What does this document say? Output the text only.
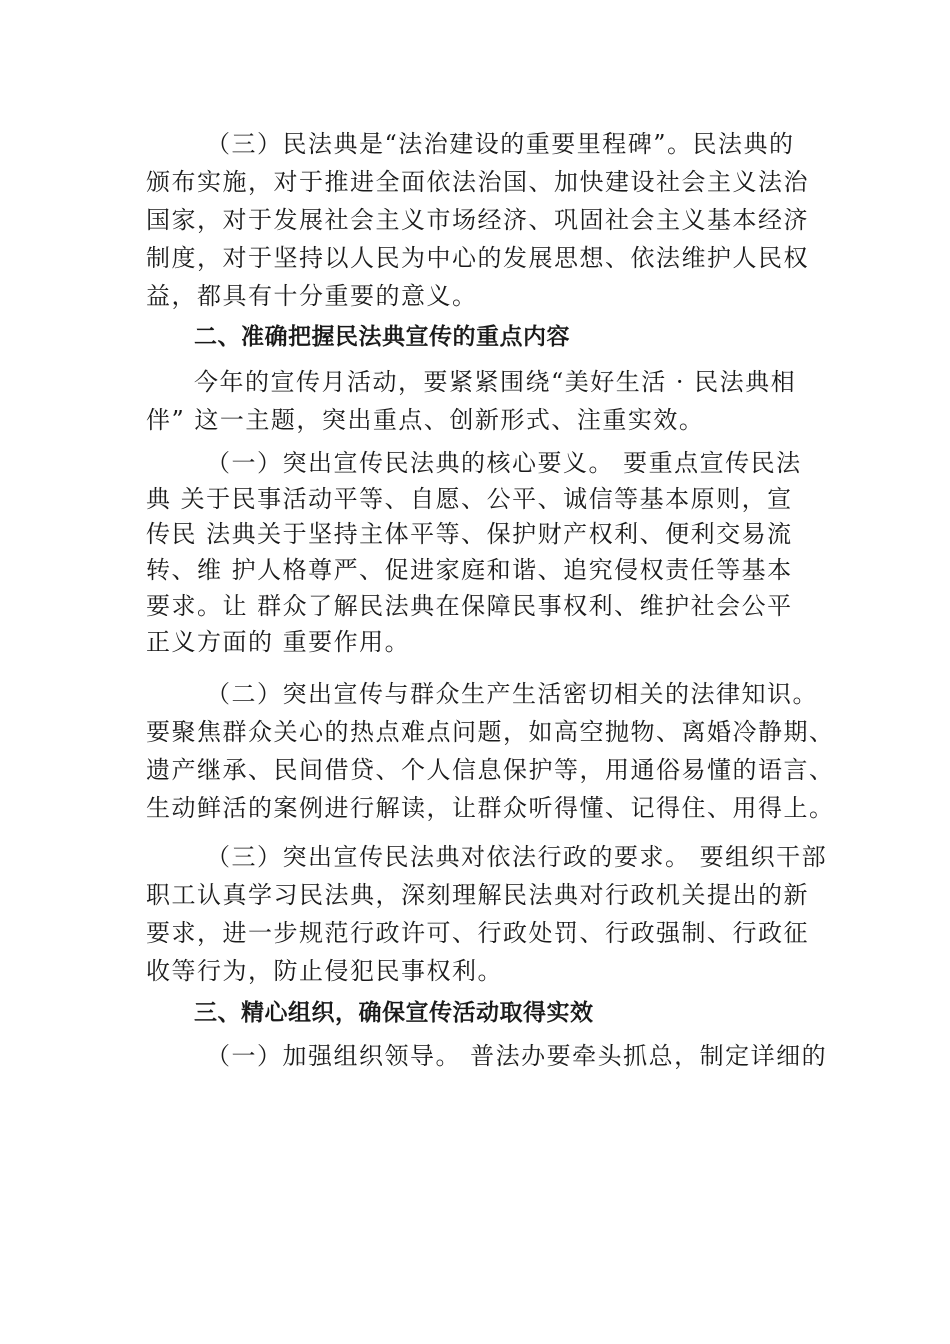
（三）民法典是“法治建设的重要里程碑”。民法典的
颁布实施，对于推进全面依法治国、加快建设社会主义法治
国家，对于发展社会主义市场经济、巩固社会主义基本经济
制度，对于坚持以人民为中心的发展思想、依法维护人民权
益，都具有十分重要的意义。
二、准确把握民法典宣传的重点内容
今年的宣传月活动，要紧紧围绕“美好生活 · 民法典相
伴” 这一主题，突出重点、创新形式、注重实效。
（一）突出宣传民法典的核心要义。 要重点宣传民法
典 关于民事活动平等、自愿、公平、诚信等基本原则，宣
传民 法典关于坚持主体平等、保护财产权利、便利交易流
转、维 护人格尊严、促进家庭和谐、追究侵权责任等基本
要求。让 群众了解民法典在保障民事权利、维护社会公平
正义方面的 重要作用。
（二）突出宣传与群众生产生活密切相关的法律知识。
要聚焦群众关心的热点难点问题，如高空抛物、离婚冷静期、
遗产继承、民间借贷、个人信息保护等，用通俗易懂的语言、
生动鲜活的案例进行解读，让群众听得懂、记得住、用得上。
（三）突出宣传民法典对依法行政的要求。 要组织干部
职工认真学习民法典，深刻理解民法典对行政机关提出的新
要求，进一步规范行政许可、行政处罚、行政强制、行政征
收等行为，防止侵犯民事权利。
三、精心组织，确保宣传活动取得实效
（一）加强组织领导。 普法办要牵头抓总，制定详细的
